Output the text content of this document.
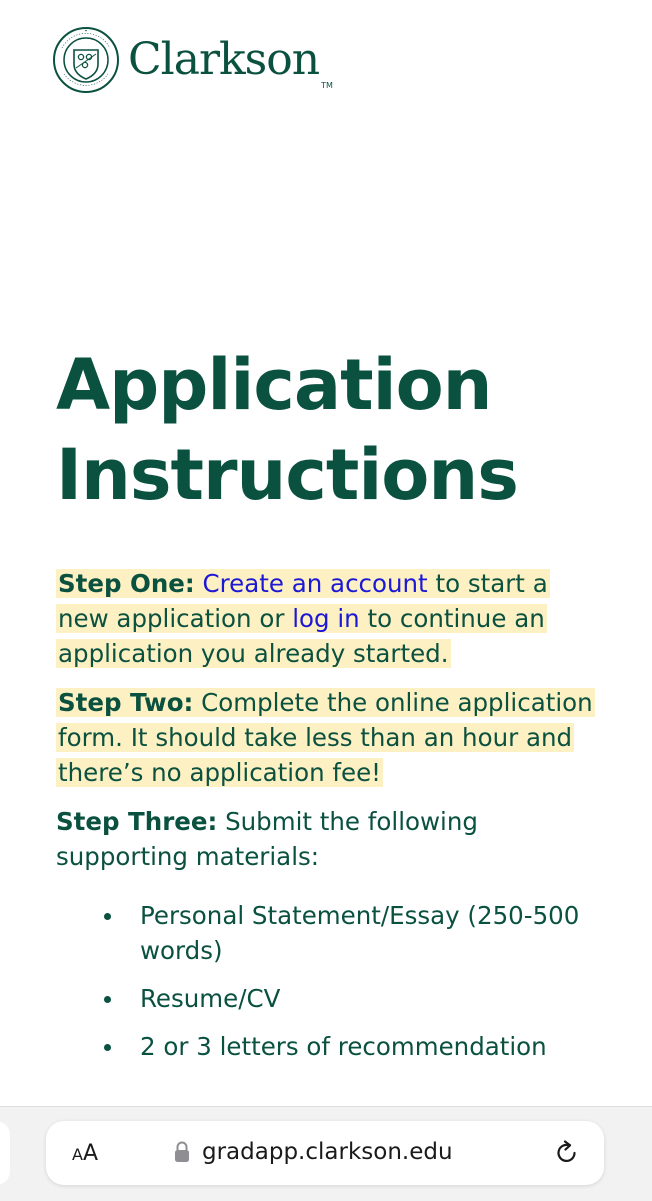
Clarkson
TM
Application
Instructions

Step One: Create an account to start a new application or log in to continue an application you already started.

Step Two: Complete the online application form. It should take less than an hour and there’s no application fee!

Step Three: Submit the following supporting materials:

Personal Statement/Essay (250-500 words)
Resume/CV
2 or 3 letters of recommendation
AA	gradapp.clarkson.edu
